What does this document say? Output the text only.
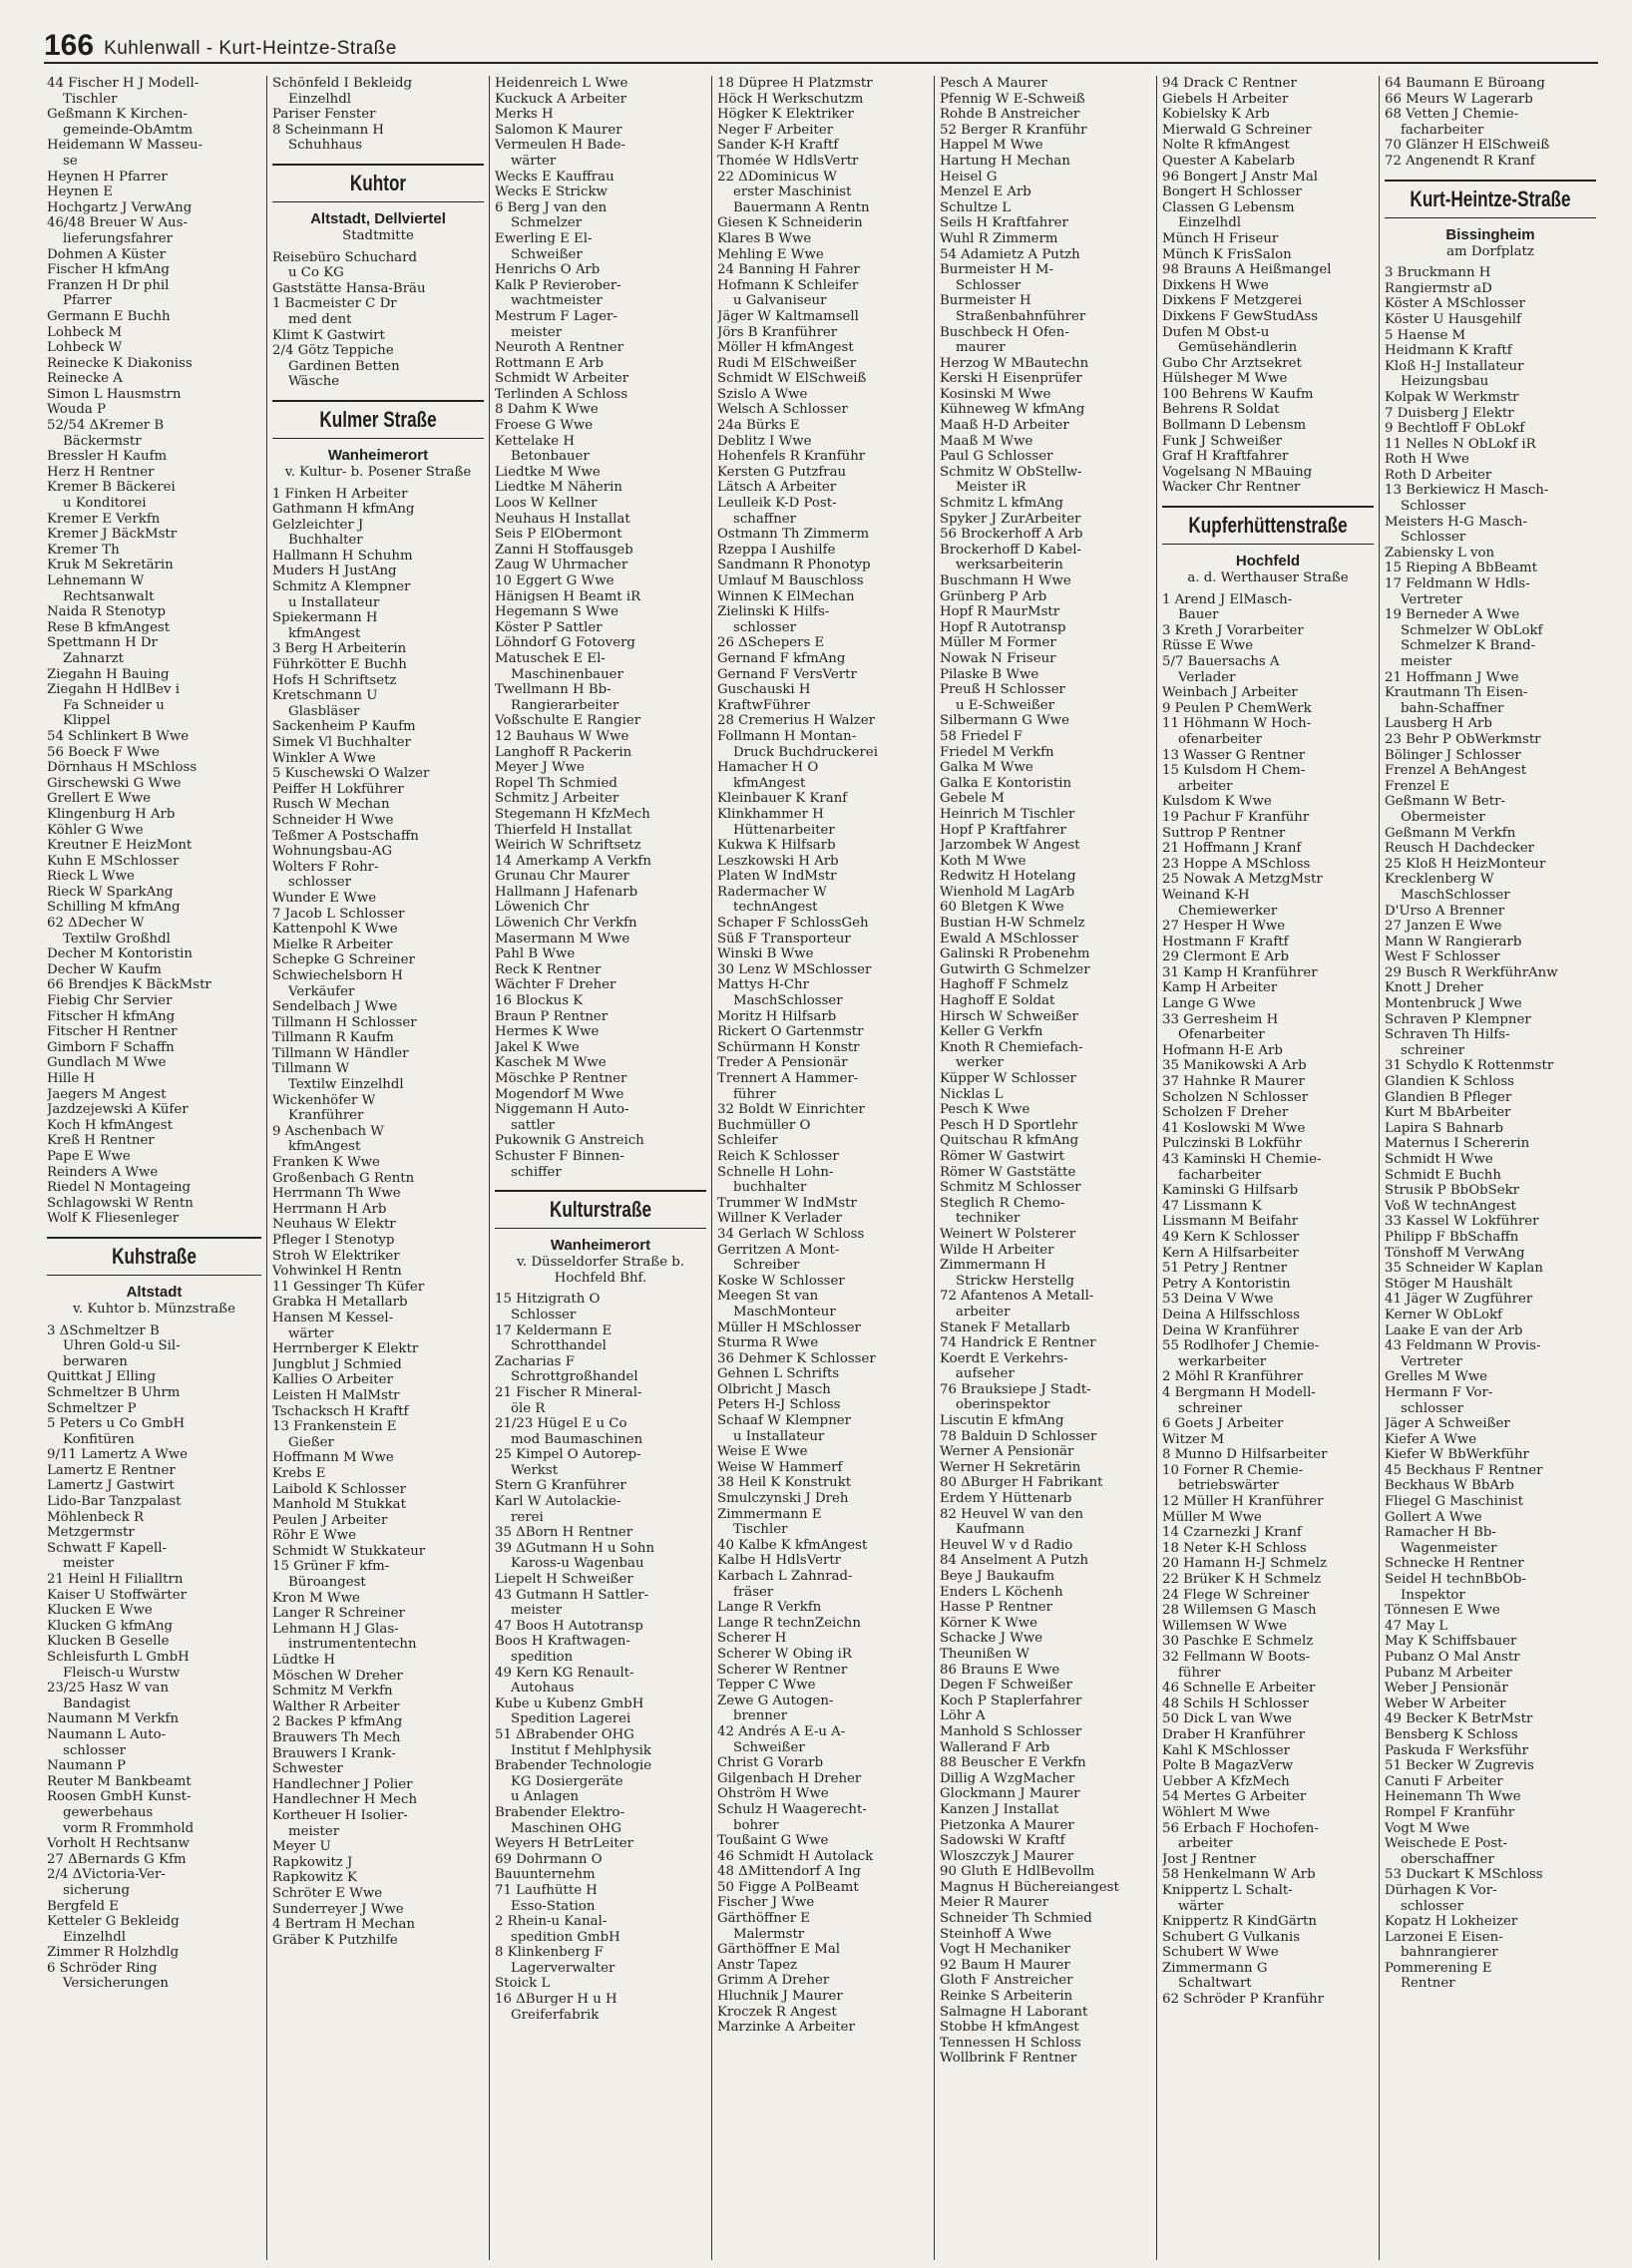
166 Kuhlenwall - Kurt-Heintze-Straße
44 Fischer H J Modell-
Tischler
Geßmann K Kirchen-
gemeinde-ObAmtm
Heidemann W Masseu-
se
Heynen H Pfarrer
Heynen E
Hochgartz J VerwAng
46/48 Breuer W Aus-
lieferungsfahrer
Dohmen A Küster
Fischer H kfmAng
Franzen H Dr phil
Pfarrer
Germann E Buchh
Lohbeck M
Lohbeck W
Reinecke K Diakoniss
Reinecke A
Simon L Hausmstrn
Wouda P
52/54 ΔKremer B
Bäckermstr
Bressler H Kaufm
Herz H Rentner
Kremer B Bäckerei
u Konditorei
Kremer E Verkfn
Kremer J BäckMstr
Kremer Th
Kruk M Sekretärin
Lehnemann W
Rechtsanwalt
Naida R Stenotyp
Rese B kfmAngest
Spettmann H Dr
Zahnarzt
Ziegahn H Bauing
Ziegahn H HdlBev i
Fa Schneider u
Klippel
54 Schlinkert B Wwe
56 Boeck F Wwe
Dörnhaus H MSchloss
Girschewski G Wwe
Grellert E Wwe
Klingenburg H Arb
Köhler G Wwe
Kreutner E HeizMont
Kuhn E MSchlosser
Rieck L Wwe
Rieck W SparkAng
Schilling M kfmAng
62 ΔDecher W
Textilw Großhdl
Decher M Kontoristin
Decher W Kaufm
66 Brendjes K BäckMstr
Fiebig Chr Servier
Fitscher H kfmAng
Fitscher H Rentner
Gimborn F Schaffn
Gundlach M Wwe
Hille H
Jaegers M Angest
Jazdzejewski A Küfer
Koch H kfmAngest
Kreß H Rentner
Pape E Wwe
Reinders A Wwe
Riedel N Montageing
Schlagowski W Rentn
Wolf K Fliesenleger
Kuhstraße
Altstadt
v. Kuhtor b. Münzstraße
3 ΔSchmeltzer B
Uhren Gold-u Sil-
berwaren
Quittkat J Elling
Schmeltzer B Uhrm
Schmeltzer P
5 Peters u Co GmbH
Konfitüren
9/11 Lamertz A Wwe
Lamertz E Rentner
Lamertz J Gastwirt
Lido-Bar Tanzpalast
Möhlenbeck R
Metzgermstr
Schwatt F Kapell-
meister
21 Heinl H Filialltrn
Kaiser U Stoffwärter
Klucken E Wwe
Klucken G kfmAng
Klucken B Geselle
Schleisfurth L GmbH
Fleisch-u Wurstw
23/25 Hasz W van
Bandagist
Naumann M Verkfn
Naumann L Auto-
schlosser
Naumann P
Reuter M Bankbeamt
Roosen GmbH Kunst-
gewerbehaus
vorm R Frommhold
Vorholt H Rechtsanw
27 ΔBernards G Kfm
2/4 ΔVictoria-Ver-
sicherung
Bergfeld E
Ketteler G Bekleidg
Einzelhdl
Zimmer R Holzhdlg
6 Schröder Ring
Versicherungen
Schönfeld I Bekleidg
Einzelhdl
Pariser Fenster
8 Scheinmann H
Schuhhaus
Kuhtor
Altstadt, Dellviertel
Stadtmitte
Reisebüro Schuchard
u Co KG
Gaststätte Hansa-Bräu
1 Bacmeister C Dr
med dent
Klimt K Gastwirt
2/4 Götz Teppiche
Gardinen Betten
Wäsche
Kulmer Straße
Wanheimerort
v. Kultur- b. Posener Straße
1 Finken H Arbeiter
Gathmann H kfmAng
Gelzleichter J
Buchhalter
Hallmann H Schuhm
Muders H JustAng
Schmitz A Klempner
u Installateur
Spiekermann H
kfmAngest
3 Berg H Arbeiterin
Führkötter E Buchh
Hofs H Schriftsetz
Kretschmann U
Glasbläser
Sackenheim P Kaufm
Simek Vl Buchhalter
Winkler A Wwe
5 Kuschewski O Walzer
Peiffer H Lokführer
Rusch W Mechan
Schneider H Wwe
Teßmer A Postschaffn
Wohnungsbau-AG
Wolters F Rohr-
schlosser
Wunder E Wwe
7 Jacob L Schlosser
Kattenpohl K Wwe
Mielke R Arbeiter
Schepke G Schreiner
Schwiechelsborn H
Verkäufer
Sendelbach J Wwe
Tillmann H Schlosser
Tillmann R Kaufm
Tillmann W Händler
Tillmann W
Textilw Einzelhdl
Wickenhöfer W
Kranführer
9 Aschenbach W
kfmAngest
Franken K Wwe
Großenbach G Rentn
Herrmann Th Wwe
Herrmann H Arb
Neuhaus W Elektr
Pfleger I Stenotyp
Stroh W Elektriker
Vohwinkel H Rentn
11 Gessinger Th Küfer
Grabka H Metallarb
Hansen M Kessel-
wärter
Herrnberger K Elektr
Jungblut J Schmied
Kallies O Arbeiter
Leisten H MalMstr
Tschacksch H Kraftf
13 Frankenstein E
Gießer
Hoffmann M Wwe
Krebs E
Laibold K Schlosser
Manhold M Stukkat
Peulen J Arbeiter
Röhr E Wwe
Schmidt W Stukkateur
15 Grüner F kfm-
Büroangest
Kron M Wwe
Langer R Schreiner
Lehmann H J Glas-
instrumententechn
Lüdtke H
Möschen W Dreher
Schmitz M Verkfn
Walther R Arbeiter
2 Backes P kfmAng
Brauwers Th Mech
Brauwers I Krank-
Schwester
Handlechner J Polier
Handlechner H Mech
Kortheuer H Isolier-
meister
Meyer U
Rapkowitz J
Rapkowitz K
Schröter E Wwe
Sunderreyer J Wwe
4 Bertram H Mechan
Gräber K Putzhilfe
Heidenreich L Wwe
Kuckuck A Arbeiter
Merks H
Salomon K Maurer
Vermeulen H Bade-
wärter
Wecks E Kauffrau
Wecks E Strickw
6 Berg J van den
Schmelzer
Ewerling E El-
Schweißer
Henrichs O Arb
Kalk P Revierober-
wachtmeister
Mestrum F Lager-
meister
Neuroth A Rentner
Rottmann E Arb
Schmidt W Arbeiter
Terlinden A Schloss
8 Dahm K Wwe
Froese G Wwe
Kettelake H
Betonbauer
Liedtke M Wwe
Liedtke M Näherin
Loos W Kellner
Neuhaus H Installat
Seis P ElObermont
Zanni H Stoffausgeb
Zaug W Uhrmacher
10 Eggert G Wwe
Hänigsen H Beamt iR
Hegemann S Wwe
Köster P Sattler
Löhndorf G Fotoverg
Matuschek E El-
Maschinenbauer
Twellmann H Bb-
Rangierarbeiter
Voßschulte E Rangier
12 Bauhaus W Wwe
Langhoff R Packerin
Meyer J Wwe
Ropel Th Schmied
Schmitz J Arbeiter
Stegemann H KfzMech
Thierfeld H Installat
Weirich W Schriftsetz
14 Amerkamp A Verkfn
Grunau Chr Maurer
Hallmann J Hafenarb
Löwenich Chr
Löwenich Chr Verkfn
Masermann M Wwe
Pahl B Wwe
Reck K Rentner
Wächter F Dreher
16 Blockus K
Braun P Rentner
Hermes K Wwe
Jakel K Wwe
Kaschek M Wwe
Möschke P Rentner
Mogendorf M Wwe
Niggemann H Auto-
sattler
Pukownik G Anstreich
Schuster F Binnen-
schiffer
Kulturstraße
Wanheimerort
v. Düsseldorfer Straße b. Hochfeld Bhf.
15 Hitzigrath O
Schlosser
17 Keldermann E
Schrotthandel
Zacharias F
Schrottgroßhandel
21 Fischer R Mineral-
öle R
21/23 Hügel E u Co
mod Baumaschinen
25 Kimpel O Autorep-
Werkst
Stern G Kranführer
Karl W Autolackie-
rerei
35 ΔBorn H Rentner
39 ΔGutmann H u Sohn
Kaross-u Wagenbau
Liepelt H Schweißer
43 Gutmann H Sattler-
meister
47 Boos H Autotransp
Boos H Kraftwagen-
spedition
49 Kern KG Renault-
Autohaus
Kube u Kubenz GmbH
Spedition Lagerei
51 ΔBrabender OHG
Institut f Mehlphysik
Brabender Technologie
KG Dosiergeräte
u Anlagen
Brabender Elektro-
Maschinen OHG
Weyers H BetrLeiter
69 Dohrmann O
Bauunternehm
71 Laufhütte H
Esso-Station
2 Rhein-u Kanal-
spedition GmbH
8 Klinkenberg F
Lagerverwalter
Stoick L
16 ΔBurger H u H
Greiferfabrik
18 Düpree H Platzmstr
Höck H Werkschutzm
Högker K Elektriker
Neger F Arbeiter
Sander K-H Kraftf
Thomée W HdlsVertr
22 ΔDominicus W
erster Maschinist
Bauermann A Rentn
Giesen K Schneiderin
Klares B Wwe
Mehling E Wwe
24 Banning H Fahrer
Hofmann K Schleifer
u Galvaniseur
Jäger W Kaltmamsell
Jörs B Kranführer
Möller H kfmAngest
Rudi M ElSchweißer
Schmidt W ElSchweiß
Szislo A Wwe
Welsch A Schlosser
24a Bürks E
Deblitz I Wwe
Hohenfels R Kranführ
Kersten G Putzfrau
Lätsch A Arbeiter
Leulleik K-D Post-
schaffner
Ostmann Th Zimmerm
Rzeppa I Aushilfe
Sandmann R Phonotyp
Umlauf M Bauschloss
Winnen K ElMechan
Zielinski K Hilfs-
schlosser
26 ΔSchepers E
Gernand F kfmAng
Gernand F VersVertr
Guschauski H
KraftwFührer
28 Cremerius H Walzer
Follmann H Montan-
Druck Buchdruckerei
Hamacher H O
kfmAngest
Kleinbauer K Kranf
Klinkhammer H
Hüttenarbeiter
Kukwa K Hilfsarb
Leszkowski H Arb
Platen W IndMstr
Radermacher W
technAngest
Schaper F SchlossGeh
Süß F Transporteur
Winski B Wwe
30 Lenz W MSchlosser
Mattys H-Chr
MaschSchlosser
Moritz H Hilfsarb
Rickert O Gartenmstr
Schürmann H Konstr
Treder A Pensionär
Trennert A Hammer-
führer
32 Boldt W Einrichter
Buchmüller O
Schleifer
Reich K Schlosser
Schnelle H Lohn-
buchhalter
Trummer W IndMstr
Willner K Verlader
34 Gerlach W Schloss
Gerritzen A Mont-
Schreiber
Koske W Schlosser
Meegen St van
MaschMonteur
Müller H MSchlosser
Sturma R Wwe
36 Dehmer K Schlosser
Gehnen L Schrifts
Olbricht J Masch
Peters H-J Schloss
Schaaf W Klempner
u Installateur
Weise E Wwe
Weise W Hammerf
38 Heil K Konstrukt
Smulczynski J Dreh
Zimmermann E
Tischler
40 Kalbe K kfmAngest
Kalbe H HdlsVertr
Karbach L Zahnrad-
fräser
Lange R Verkfn
Lange R technZeichn
Scherer H
Scherer W Obing iR
Scherer W Rentner
Tepper C Wwe
Zewe G Autogen-
brenner
42 Andrés A E-u A-
Schweißer
Christ G Vorarb
Gilgenbach H Dreher
Ohström H Wwe
Schulz H Waagerecht-
bohrer
Toußaint G Wwe
46 Schmidt H Autolack
48 ΔMittendorf A Ing
50 Figge A PolBeamt
Fischer J Wwe
Gärthöffner E
Malermstr
Gärthöffner E Mal
Anstr Tapez
Grimm A Dreher
Hluchnik J Maurer
Kroczek R Angest
Marzinke A Arbeiter
Pesch A Maurer
Pfennig W E-Schweiß
Rohde B Anstreicher
52 Berger R Kranführ
Happel M Wwe
Hartung H Mechan
Heisel G
Menzel E Arb
Schultze L
Seils H Kraftfahrer
Wuhl R Zimmerm
54 Adamietz A Putzh
Burmeister H M-
Schlosser
Burmeister H
Straßenbahnführer
Buschbeck H Ofen-
maurer
Herzog W MBautechn
Kerski H Eisenprüfer
Kosinski M Wwe
Kühneweg W kfmAng
Maaß H-D Arbeiter
Maaß M Wwe
Paul G Schlosser
Schmitz W ObStellw-
Meister iR
Schmitz L kfmAng
Spyker J ZurArbeiter
56 Brockerhoff A Arb
Brockerhoff D Kabel-
werksarbeiterin
Buschmann H Wwe
Grünberg P Arb
Hopf R MaurMstr
Hopf R Autotransp
Müller M Former
Nowak N Friseur
Pilaske B Wwe
Preuß H Schlosser
u E-Schweißer
Silbermann G Wwe
58 Friedel F
Friedel M Verkfn
Galka M Wwe
Galka E Kontoristin
Gebele M
Heinrich M Tischler
Hopf P Kraftfahrer
Jarzombek W Angest
Koth M Wwe
Redwitz H Hotelang
Wienhold M LagArb
60 Bletgen K Wwe
Bustian H-W Schmelz
Ewald A MSchlosser
Galinski R Probenehm
Gutwirth G Schmelzer
Haghoff F Schmelz
Haghoff E Soldat
Hirsch W Schweißer
Keller G Verkfn
Knoth R Chemiefach-
werker
Küpper W Schlosser
Nicklas L
Pesch K Wwe
Pesch H D Sportlehr
Quitschau R kfmAng
Römer W Gastwirt
Römer W Gaststätte
Schmitz M Schlosser
Steglich R Chemo-
techniker
Weinert W Polsterer
Wilde H Arbeiter
Zimmermann H
Strickw Herstellg
72 Afantenos A Metall-
arbeiter
Stanek F Metallarb
74 Handrick E Rentner
Koerdt E Verkehrs-
aufseher
76 Brauksiepe J Stadt-
oberinspektor
Liscutin E kfmAng
78 Balduin D Schlosser
Werner A Pensionär
Werner H Sekretärin
80 ΔBurger H Fabrikant
Erdem Y Hüttenarb
82 Heuvel W van den
Kaufmann
Heuvel W v d Radio
84 Anselment A Putzh
Beye J Baukaufm
Enders L Köchenh
Hasse P Rentner
Körner K Wwe
Schacke J Wwe
Theunißen W
86 Brauns E Wwe
Degen F Schweißer
Koch P Staplerfahrer
Löhr A
Manhold S Schlosser
Wallerand F Arb
88 Beuscher E Verkfn
Dillig A WzgMacher
Glockmann J Maurer
Kanzen J Installat
Pietzonka A Maurer
Sadowski W Kraftf
Wloszczyk J Maurer
90 Gluth E HdlBevollm
Magnus H Büchereiangest
Meier R Maurer
Schneider Th Schmied
Steinhoff A Wwe
Vogt H Mechaniker
92 Baum H Maurer
Gloth F Anstreicher
Reinke S Arbeiterin
Salmagne H Laborant
Stobbe H kfmAngest
Tennessen H Schloss
Wollbrink F Rentner
94 Drack C Rentner
Giebels H Arbeiter
Kobielsky K Arb
Mierwald G Schreiner
Nolte R kfmAngest
Quester A Kabelarb
96 Bongert J Anstr Mal
Bongert H Schlosser
Classen G Lebensm
Einzelhdl
Münch H Friseur
Münch K FrisSalon
98 Brauns A Heißmangel
Dixkens H Wwe
Dixkens F Metzgerei
Dixkens F GewStudAss
Dufen M Obst-u
Gemüsehändlerin
Gubo Chr Arztsekret
Hülsheger M Wwe
100 Behrens W Kaufm
Behrens R Soldat
Bollmann D Lebensm
Funk J Schweißer
Graf H Kraftfahrer
Vogelsang N MBauing
Wacker Chr Rentner
Kupferhüttenstraße
Hochfeld
a. d. Werthauser Straße
1 Arend J ElMasch-
Bauer
3 Kreth J Vorarbeiter
Rüsse E Wwe
5/7 Bauersachs A
Verlader
Weinbach J Arbeiter
9 Peulen P ChemWerk
11 Höhmann W Hoch-
ofenarbeiter
13 Wasser G Rentner
15 Kulsdom H Chem-
arbeiter
Kulsdom K Wwe
19 Pachur F Kranführ
Suttrop P Rentner
21 Hoffmann J Kranf
23 Hoppe A MSchloss
25 Nowak A MetzgMstr
Weinand K-H
Chemiewerker
27 Hesper H Wwe
Hostmann F Kraftf
29 Clermont E Arb
31 Kamp H Kranführer
Kamp H Arbeiter
Lange G Wwe
33 Gerresheim H
Ofenarbeiter
Hofmann H-E Arb
35 Manikowski A Arb
37 Hahnke R Maurer
Scholzen N Schlosser
Scholzen F Dreher
41 Koslowski M Wwe
Pulczinski B Lokführ
43 Kaminski H Chemie-
facharbeiter
Kaminski G Hilfsarb
47 Lissmann K
Lissmann M Beifahr
49 Kern K Schlosser
Kern A Hilfsarbeiter
51 Petry J Rentner
Petry A Kontoristin
53 Deina V Wwe
Deina A Hilfsschloss
Deina W Kranführer
55 Rodlhofer J Chemie-
werkarbeiter
2 Möhl R Kranführer
4 Bergmann H Modell-
schreiner
6 Goets J Arbeiter
Witzer M
8 Munno D Hilfsarbeiter
10 Forner R Chemie-
betriebswärter
12 Müller H Kranführer
Müller M Wwe
14 Czarnezki J Kranf
18 Neter K-H Schloss
20 Hamann H-J Schmelz
22 Brüker K H Schmelz
24 Flege W Schreiner
28 Willemsen G Masch
Willemsen W Wwe
30 Paschke E Schmelz
32 Fellmann W Boots-
führer
46 Schnelle E Arbeiter
48 Schils H Schlosser
50 Dick L van Wwe
Draber H Kranführer
Kahl K MSchlosser
Polte B MagazVerw
Uebber A KfzMech
54 Mertes G Arbeiter
Wöhlert M Wwe
56 Erbach F Hochofen-
arbeiter
Jost J Rentner
58 Henkelmann W Arb
Knippertz L Schalt-
wärter
Knippertz R KindGärtn
Schubert G Vulkanis
Schubert W Wwe
Zimmermann G
Schaltwart
62 Schröder P Kranführ
64 Baumann E Büroang
66 Meurs W Lagerarb
68 Vetten J Chemie-
facharbeiter
70 Glänzer H ElSchweiß
72 Angenendt R Kranf
Kurt-Heintze-Straße
Bissingheim
am Dorfplatz
3 Bruckmann H
Rangiermstr aD
Köster A MSchlosser
Köster U Hausgehilf
5 Haense M
Heidmann K Kraftf
Kloß H-J Installateur
Heizungsbau
Kolpak W Werkmstr
7 Duisberg J Elektr
9 Bechtloff F ObLokf
11 Nelles N ObLokf iR
Roth H Wwe
Roth D Arbeiter
13 Berkiewicz H Masch-
Schlosser
Meisters H-G Masch-
Schlosser
Zabiensky L von
15 Rieping A BbBeamt
17 Feldmann W Hdls-
Vertreter
19 Berneder A Wwe
Schmelzer W ObLokf
Schmelzer K Brand-
meister
21 Hoffmann J Wwe
Krautmann Th Eisen-
bahn-Schaffner
Lausberg H Arb
23 Behr P ObWerkmstr
Bölinger J Schlosser
Frenzel A BehAngest
Frenzel E
Geßmann W Betr-
Obermeister
Geßmann M Verkfn
Reusch H Dachdecker
25 Kloß H HeizMonteur
Krecklenberg W
MaschSchlosser
D'Urso A Brenner
27 Janzen E Wwe
Mann W Rangierarb
West F Schlosser
29 Busch R WerkführAnw
Knott J Dreher
Montenbruck J Wwe
Schraven P Klempner
Schraven Th Hilfs-
schreiner
31 Schydlo K Rottenmstr
Glandien K Schloss
Glandien B Pfleger
Kurt M BbArbeiter
Lapira S Bahnarb
Maternus I Schererin
Schmidt H Wwe
Schmidt E Buchh
Strusik P BbObSekr
Voß W technAngest
33 Kassel W Lokführer
Philipp F BbSchaffn
Tönshoff M VerwAng
35 Schneider W Kaplan
Stöger M Haushält
41 Jäger W Zugführer
Kerner W ObLokf
Laake E van der Arb
43 Feldmann W Provis-
Vertreter
Grelles M Wwe
Hermann F Vor-
schlosser
Jäger A Schweißer
Kiefer A Wwe
Kiefer W BbWerkführ
45 Beckhaus F Rentner
Beckhaus W BbArb
Fliegel G Maschinist
Gollert A Wwe
Ramacher H Bb-
Wagenmeister
Schnecke H Rentner
Seidel H technBbOb-
Inspektor
Tönnesen E Wwe
47 May L
May K Schiffsbauer
Pubanz O Mal Anstr
Pubanz M Arbeiter
Weber J Pensionär
Weber W Arbeiter
49 Becker K BetrMstr
Bensberg K Schloss
Paskuda F Werksführ
51 Becker W Zugrevis
Canuti F Arbeiter
Heinemann Th Wwe
Rompel F Kranführ
Vogt M Wwe
Weischede E Post-
oberschaffner
53 Duckart K MSchloss
Dürhagen K Vor-
schlosser
Kopatz H Lokheizer
Larzonei E Eisen-
bahnrangierer
Pommerening E
Rentner
